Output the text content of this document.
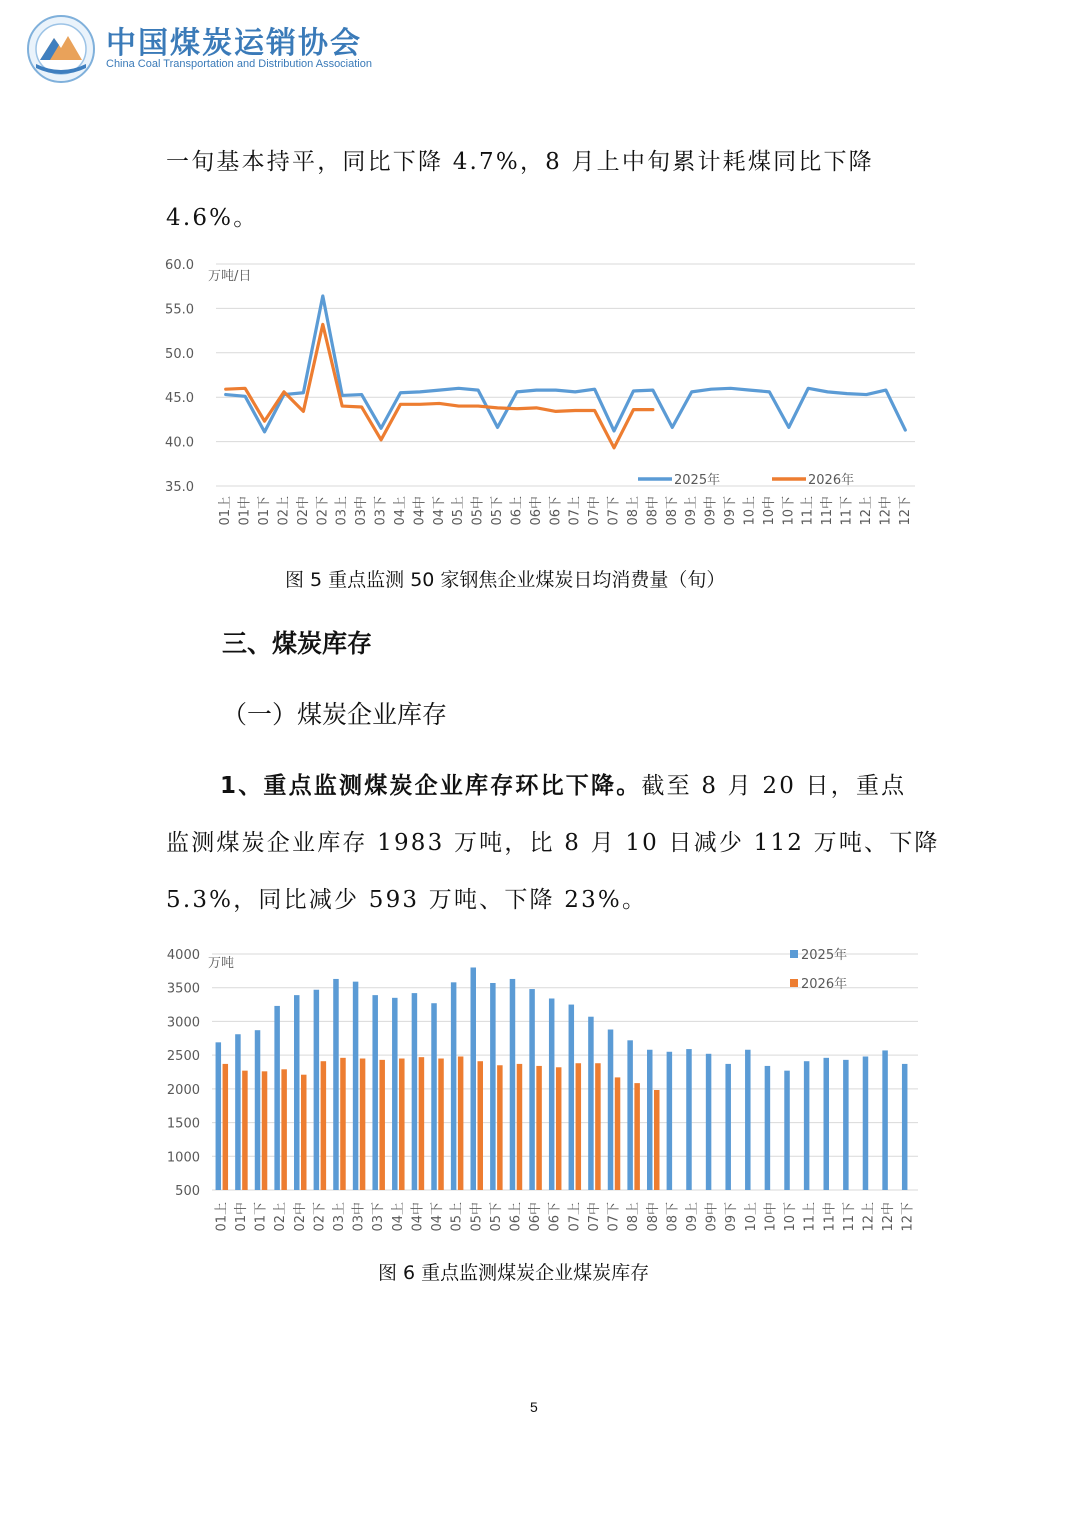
中国煤炭运销协会
China Coal Transportation and Distribution Association
一旬基本持平，同比下降 4.7%，8 月上中旬累计耗煤同比下降
4.6%。
35.0
40.0
45.0
50.0
55.0
60.0
01上 01中 01下 02上 02中 02下 03上 03中 03下 04上 04中 04下 05上 05中 05下 06上 06中 06下 07上 07中 07下 08上 08中 08下 09上 09中 09下 10上 10中 10下 11上 11中 11下 12上 12中 12下
万吨/日
2025年	2026年
图 5 重点监测 50 家钢焦企业煤炭日均消费量（旬）
三、煤炭库存
（一）煤炭企业库存
1、重点监测煤炭企业库存环比下降。截至 8 月 20 日，重点
监测煤炭企业库存 1983 万吨，比 8 月 10 日减少 112 万吨、下降
5.3%，同比减少 593 万吨、下降 23%。
500
1000
1500
2000
2500
3000
3500
4000
01上 01中 01下 02上 02中 02下 03上 03中 03下 04上 04中 04下 05上 05中 05下 06上 06中 06下 07上 07中 07下 08上 08中 08下 09上 09中 09下 10上 10中 10下 11上 11中 11下 12上 12中 12下
万吨
2025年
2026年
图 6 重点监测煤炭企业煤炭库存
5
